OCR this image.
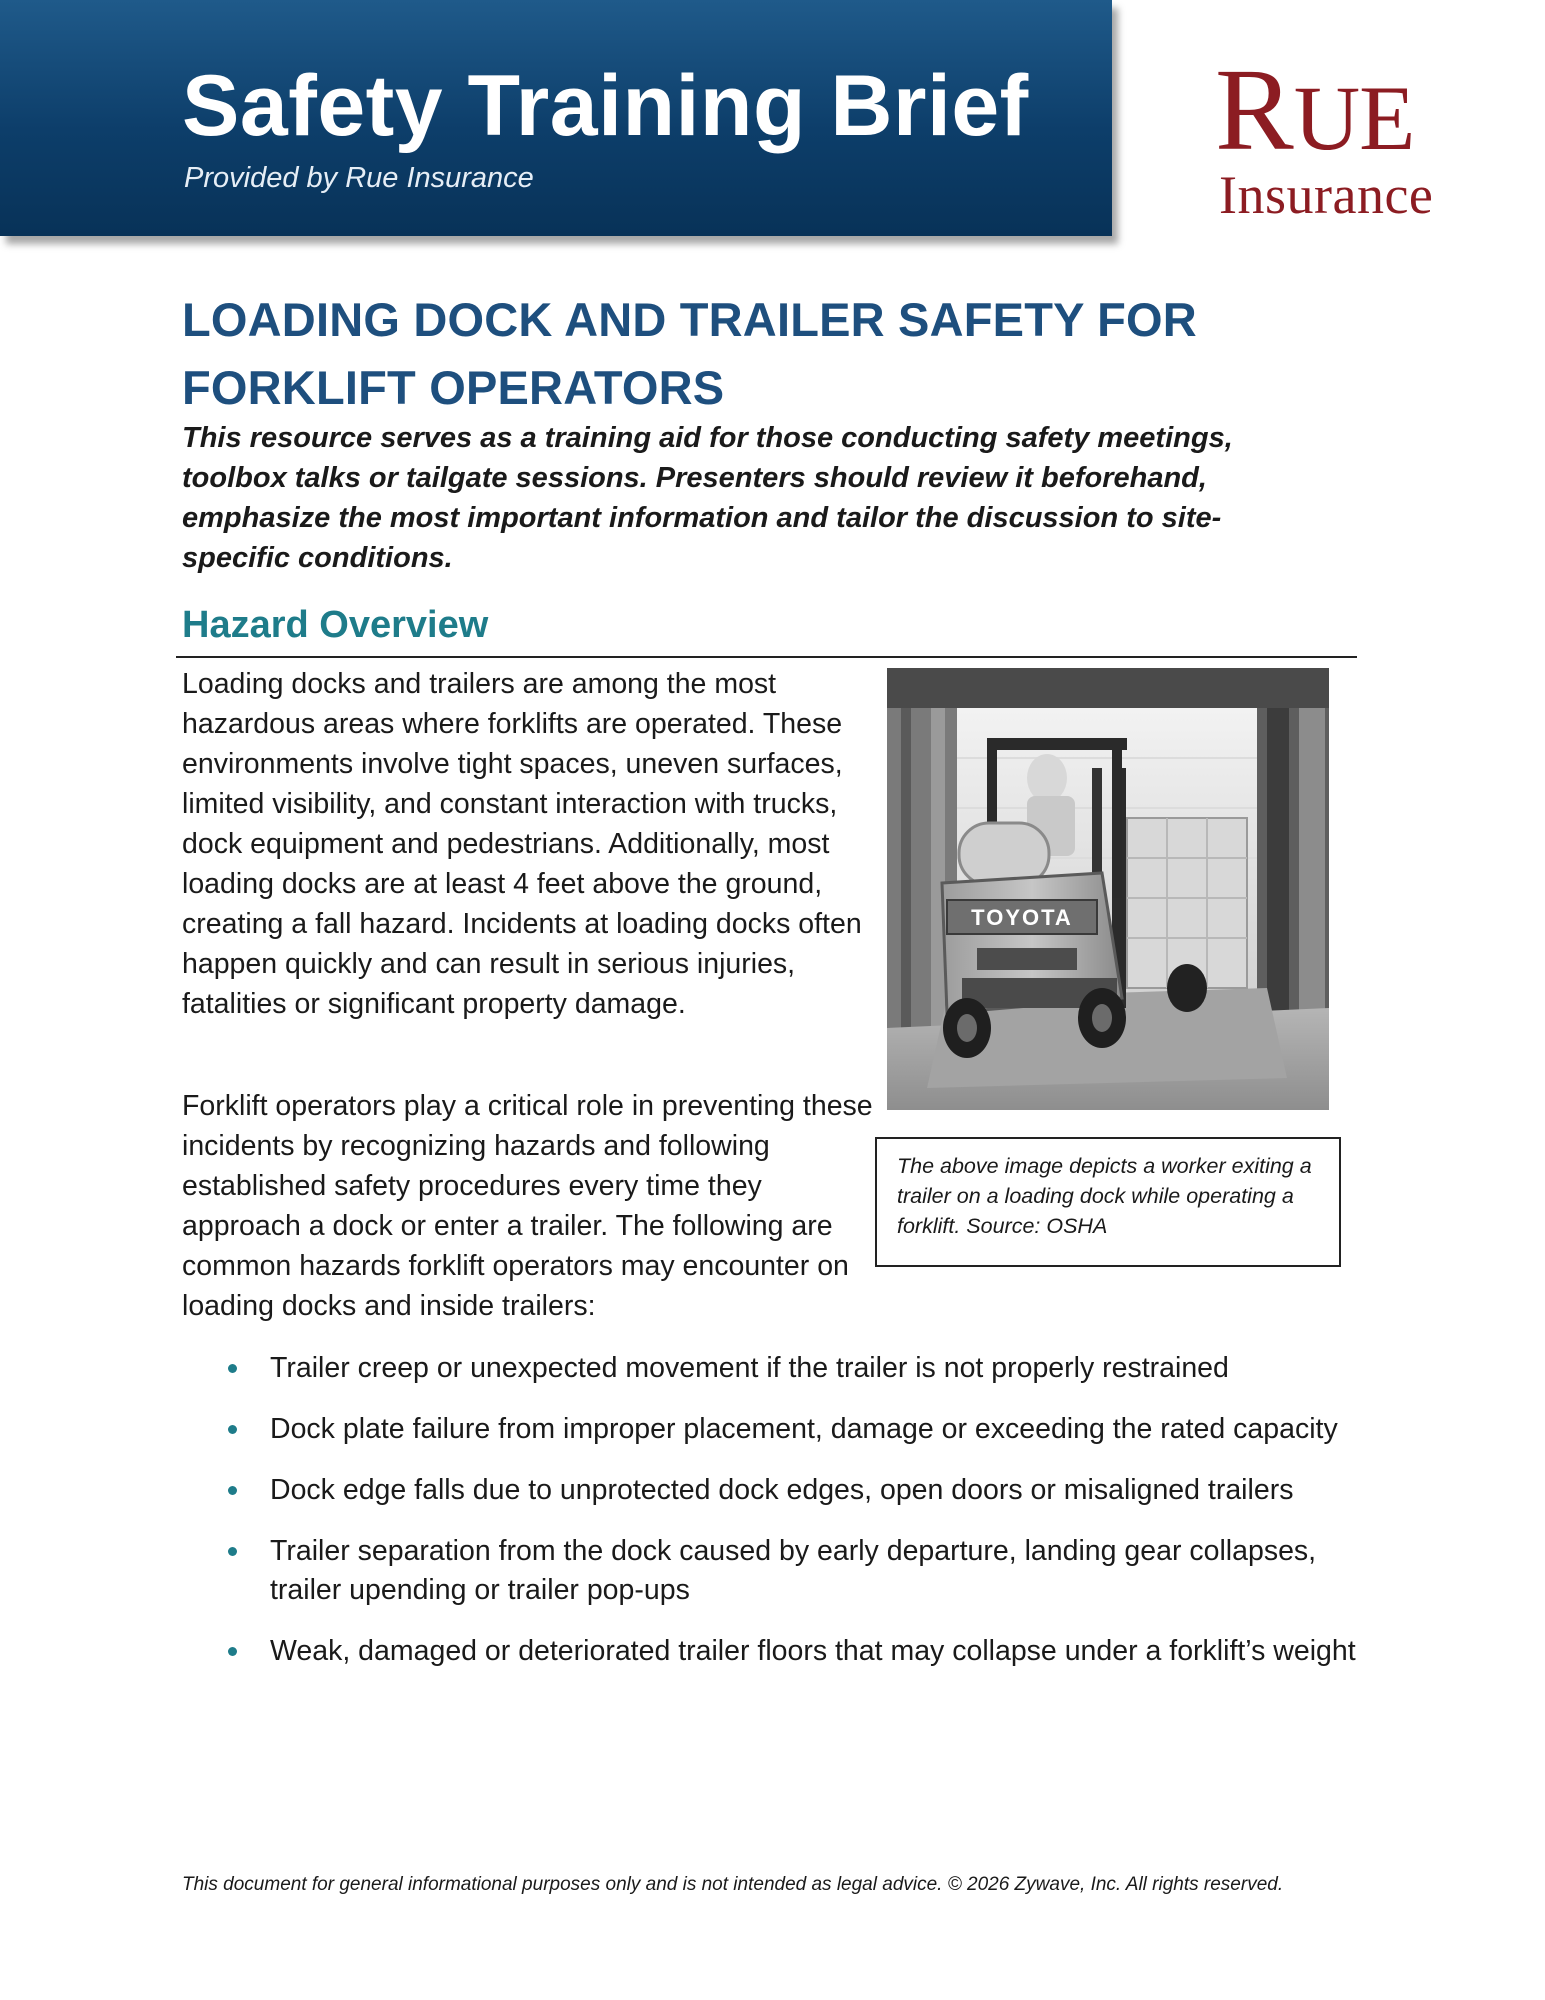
Safety Training Brief

Provided by Rue Insurance

RUE
Insurance
LOADING DOCK AND TRAILER SAFETY FOR FORKLIFT OPERATORS

This resource serves as a training aid for those conducting safety meetings, toolbox talks or tailgate sessions. Presenters should review it beforehand, emphasize the most important information and tailor the discussion to site-specific conditions.

Hazard Overview

Loading docks and trailers are among the most hazardous areas where forklifts are operated. These environments involve tight spaces, uneven surfaces, limited visibility, and constant interaction with trucks, dock equipment and pedestrians. Additionally, most loading docks are at least 4 feet above the ground, creating a fall hazard. Incidents at loading docks often happen quickly and can result in serious injuries, fatalities or significant property damage.

TOYOTA

The above image depicts a worker exiting a trailer on a loading dock while operating a forklift. Source: OSHA

Forklift operators play a critical role in preventing these incidents by recognizing hazards and following established safety procedures every time they approach a dock or enter a trailer. The following are common hazards forklift operators may encounter on loading docks and inside trailers:

Trailer creep or unexpected movement if the trailer is not properly restrained
Dock plate failure from improper placement, damage or exceeding the rated capacity
Dock edge falls due to unprotected dock edges, open doors or misaligned trailers
Trailer separation from the dock caused by early departure, landing gear collapses, trailer upending or trailer pop-ups
Weak, damaged or deteriorated trailer floors that may collapse under a forklift’s weight

This document for general informational purposes only and is not intended as legal advice. © 2026 Zywave, Inc. All rights reserved.
